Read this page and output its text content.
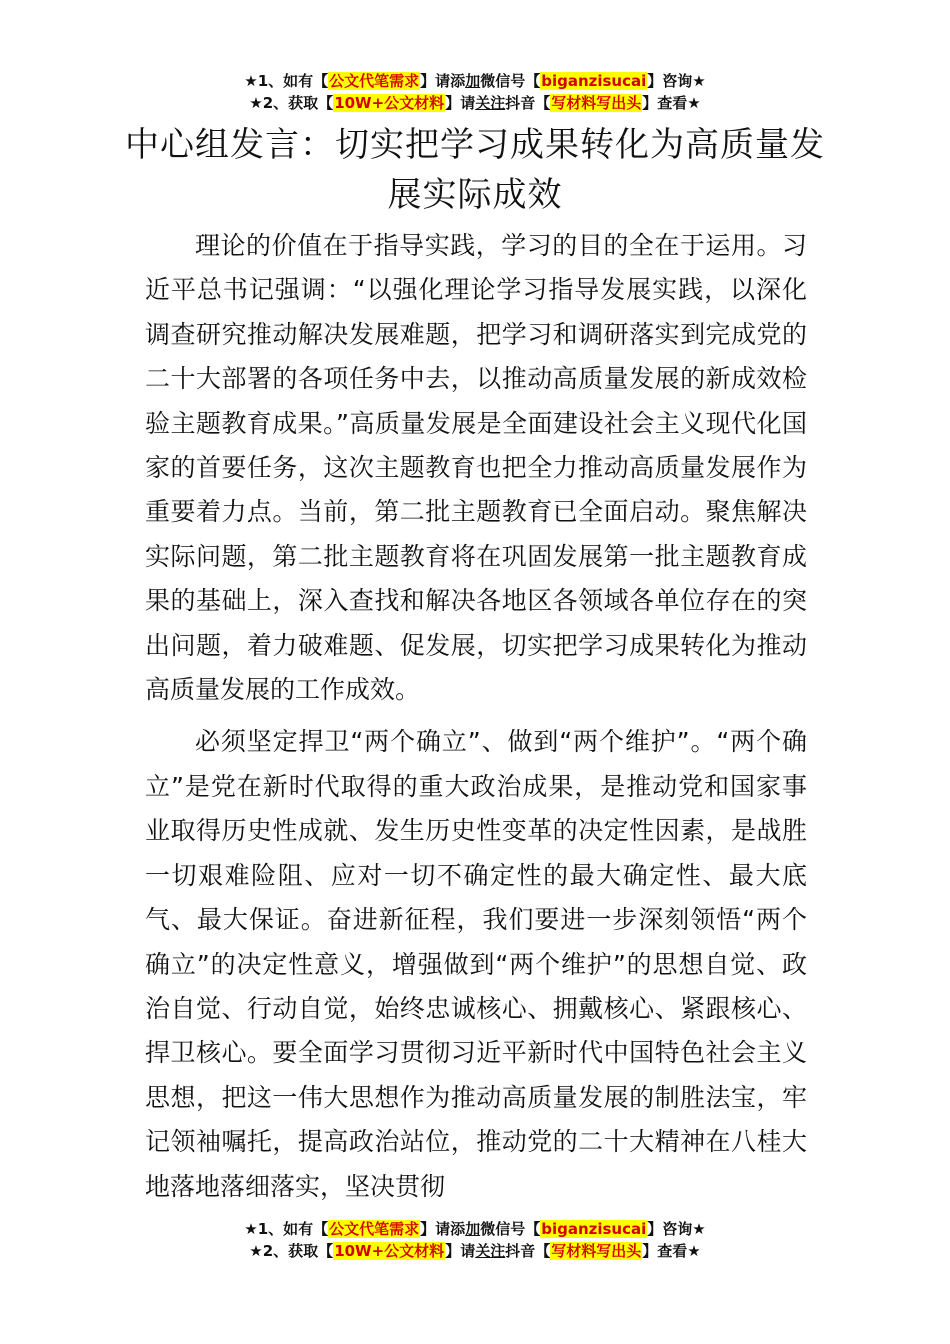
★1、如有【公文代笔需求】请添加微信号【biganzisucai】咨询★
★2、获取【10W+公文材料】请关注抖音【写材料写出头】查看★
中心组发言：切实把学习成果转化为高质量发展实际成效

理论的价值在于指导实践，学习的目的全在于运用。习近平总书记强调：“以强化理论学习指导发展实践，以深化调查研究推动解决发展难题，把学习和调研落实到完成党的二十大部署的各项任务中去，以推动高质量发展的新成效检验主题教育成果。”高质量发展是全面建设社会主义现代化国家的首要任务，这次主题教育也把全力推动高质量发展作为重要着力点。当前，第二批主题教育已全面启动。聚焦解决实际问题，第二批主题教育将在巩固发展第一批主题教育成果的基础上，深入查找和解决各地区各领域各单位存在的突出问题，着力破难题、促发展，切实把学习成果转化为推动高质量发展的工作成效。

必须坚定捍卫“两个确立”、做到“两个维护”。“两个确立”是党在新时代取得的重大政治成果，是推动党和国家事业取得历史性成就、发生历史性变革的决定性因素，是战胜一切艰难险阻、应对一切不确定性的最大确定性、最大底气、最大保证。奋进新征程，我们要进一步深刻领悟“两个确立”的决定性意义，增强做到“两个维护”的思想自觉、政治自觉、行动自觉，始终忠诚核心、拥戴核心、紧跟核心、捍卫核心。要全面学习贯彻习近平新时代中国特色社会主义思想，把这一伟大思想作为推动高质量发展的制胜法宝，牢记领袖嘱托，提高政治站位，推动党的二十大精神在八桂大地落地落细落实，坚决贯彻

★1、如有【公文代笔需求】请添加微信号【biganzisucai】咨询★
★2、获取【10W+公文材料】请关注抖音【写材料写出头】查看★
